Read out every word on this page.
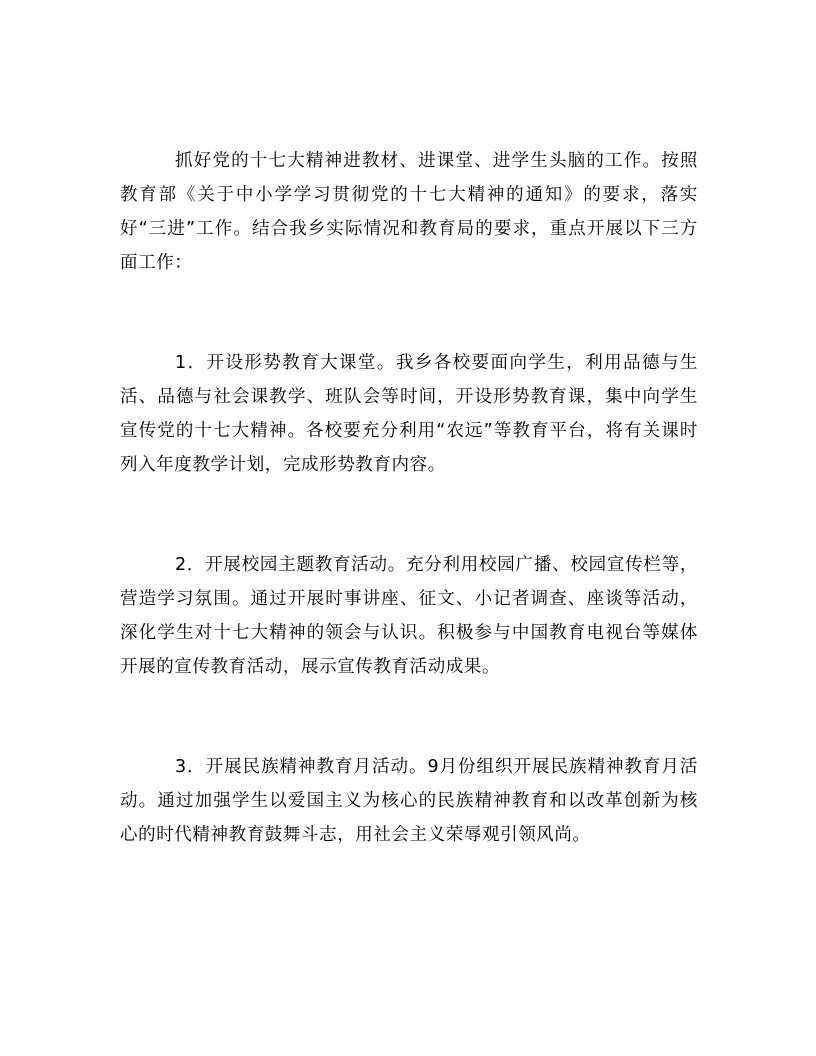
抓好党的十七大精神进教材、进课堂、进学生头脑的工作。按照教育部《关于中小学学习贯彻党的十七大精神的通知》的要求，落实好“三进”工作。结合我乡实际情况和教育局的要求，重点开展以下三方面工作：

1．开设形势教育大课堂。我乡各校要面向学生，利用品德与生活、品德与社会课教学、班队会等时间，开设形势教育课，集中向学生宣传党的十七大精神。各校要充分利用“农远”等教育平台，将有关课时列入年度教学计划，完成形势教育内容。

2．开展校园主题教育活动。充分利用校园广播、校园宣传栏等，营造学习氛围。通过开展时事讲座、征文、小记者调查、座谈等活动，深化学生对十七大精神的领会与认识。积极参与中国教育电视台等媒体开展的宣传教育活动，展示宣传教育活动成果。

3．开展民族精神教育月活动。9月份组织开展民族精神教育月活动。通过加强学生以爱国主义为核心的民族精神教育和以改革创新为核心的时代精神教育鼓舞斗志，用社会主义荣辱观引领风尚。
